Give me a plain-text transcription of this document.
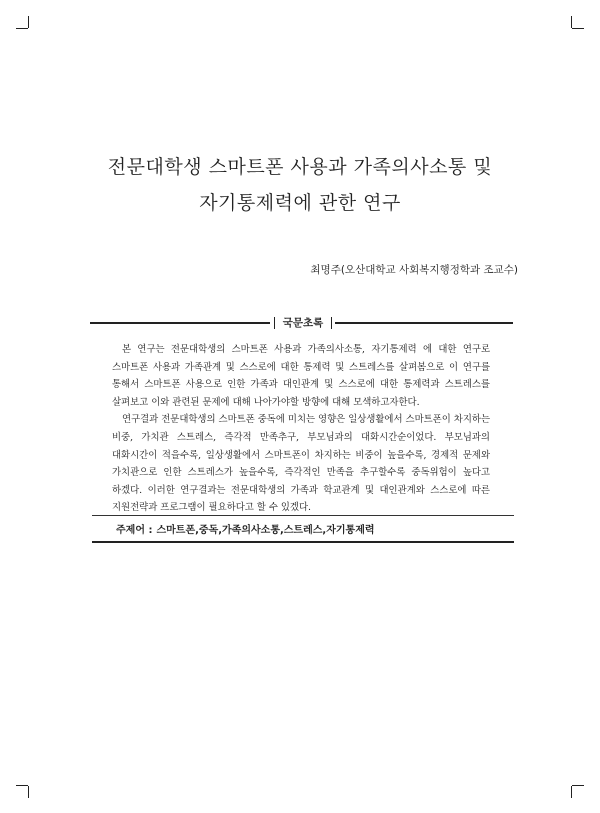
전문대학생 스마트폰 사용과 가족의사소통 및
자기통제력에 관한 연구
최명주(오산대학교 사회복지행정학과 조교수)
국문초록

본 연구는 전문대학생의 스마트폰 사용과 가족의사소통, 자기통제력 에 대한 연구로 스마트폰 사용과 가족관계 및 스스로에 대한 통제력 및 스트레스를 살펴봄으로 이 연구를 통해서 스마트폰 사용으로 인한 가족과 대인관계 및 스스로에 대한 통제력과 스트레스를 살펴보고 이와 관련된 문제에 대해 나아가야할 방향에 대해 모색하고자한다.

연구결과 전문대학생의 스마트폰 중독에 미치는 영향은 일상생활에서 스마트폰이 차지하는 비중, 가치관 스트레스, 즉각적 만족추구, 부모님과의 대화시간순이었다. 부모님과의 대화시간이 적을수록, 일상생활에서 스마트폰이 차지하는 비중이 높을수록, 경제적 문제와 가치관으로 인한 스트레스가 높을수록, 즉각적인 만족을 추구할수록 중독위험이 높다고 하겠다. 이러한 연구결과는 전문대학생의 가족과 학교관계 및 대인관계와 스스로에 따른 지원전략과 프로그램이 필요하다고 할 수 있겠다.

주제어 : 스마트폰,중독,가족의사소통,스트레스,자기통제력
